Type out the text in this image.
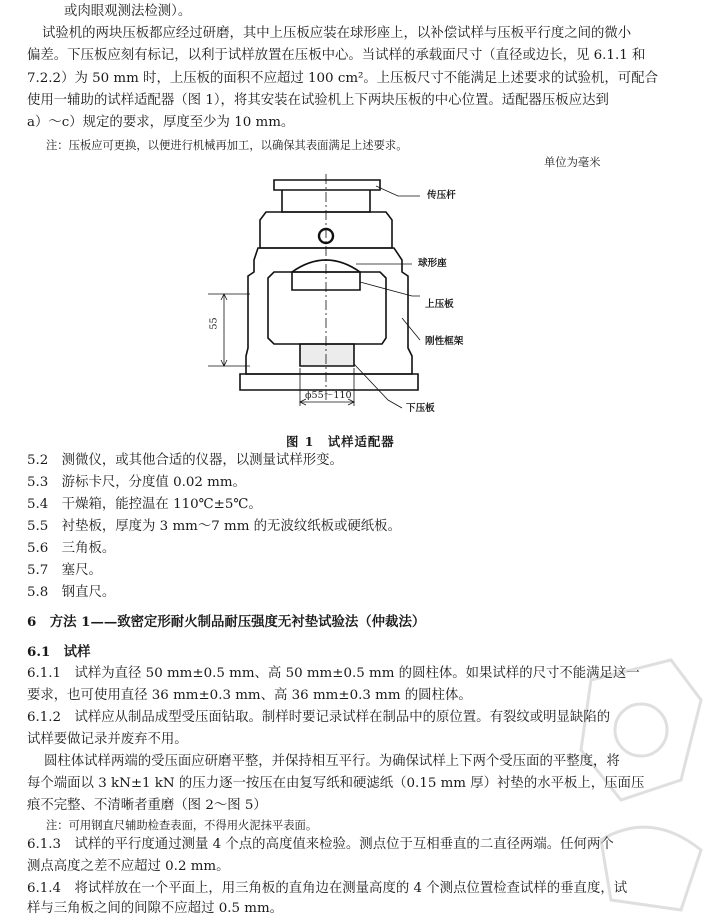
或肉眼观测法检测）。
试验机的两块压板都应经过研磨，其中上压板应装在球形座上，以补偿试样与压板平行度之间的微小
偏差。下压板应刻有标记，以利于试样放置在压板中心。当试样的承载面尺寸（直径或边长，见 6.1.1 和
7.2.2）为 50 mm 时，上压板的面积不应超过 100 cm²。上压板尺寸不能满足上述要求的试验机，可配合
使用一辅助的试样适配器（图 1），将其安装在试验机上下两块压板的中心位置。适配器压板应达到
a）～c）规定的要求，厚度至少为 10 mm。
注：压板应可更换，以便进行机械再加工，以确保其表面满足上述要求。
单位为毫米
传压杆
球形座
上压板
刚性框架
下压板
55
ϕ55～110
图 1　试样适配器
5.2　测微仪，或其他合适的仪器，以测量试样形变。
5.3　游标卡尺，分度值 0.02 mm。
5.4　干燥箱，能控温在 110℃±5℃。
5.5　衬垫板，厚度为 3 mm～7 mm 的无波纹纸板或硬纸板。
5.6　三角板。
5.7　塞尺。
5.8　钢直尺。
6　方法 1——致密定形耐火制品耐压强度无衬垫试验法（仲裁法）
6.1　试样
6.1.1　试样为直径 50 mm±0.5 mm、高 50 mm±0.5 mm 的圆柱体。如果试样的尺寸不能满足这一
要求，也可使用直径 36 mm±0.3 mm、高 36 mm±0.3 mm 的圆柱体。
6.1.2　试样应从制品成型受压面钻取。制样时要记录试样在制品中的原位置。有裂纹或明显缺陷的
试样要做记录并废弃不用。
圆柱体试样两端的受压面应研磨平整，并保持相互平行。为确保试样上下两个受压面的平整度，将
每个端面以 3 kN±1 kN 的压力逐一按压在由复写纸和硬滤纸（0.15 mm 厚）衬垫的水平板上，压面压
痕不完整、不清晰者重磨（图 2～图 5）
注：可用钢直尺辅助检查表面，不得用火泥抹平表面。
6.1.3　试样的平行度通过测量 4 个点的高度值来检验。测点位于互相垂直的二直径两端。任何两个
测点高度之差不应超过 0.2 mm。
6.1.4　将试样放在一个平面上，用三角板的直角边在测量高度的 4 个测点位置检查试样的垂直度，试
样与三角板之间的间隙不应超过 0.5 mm。
